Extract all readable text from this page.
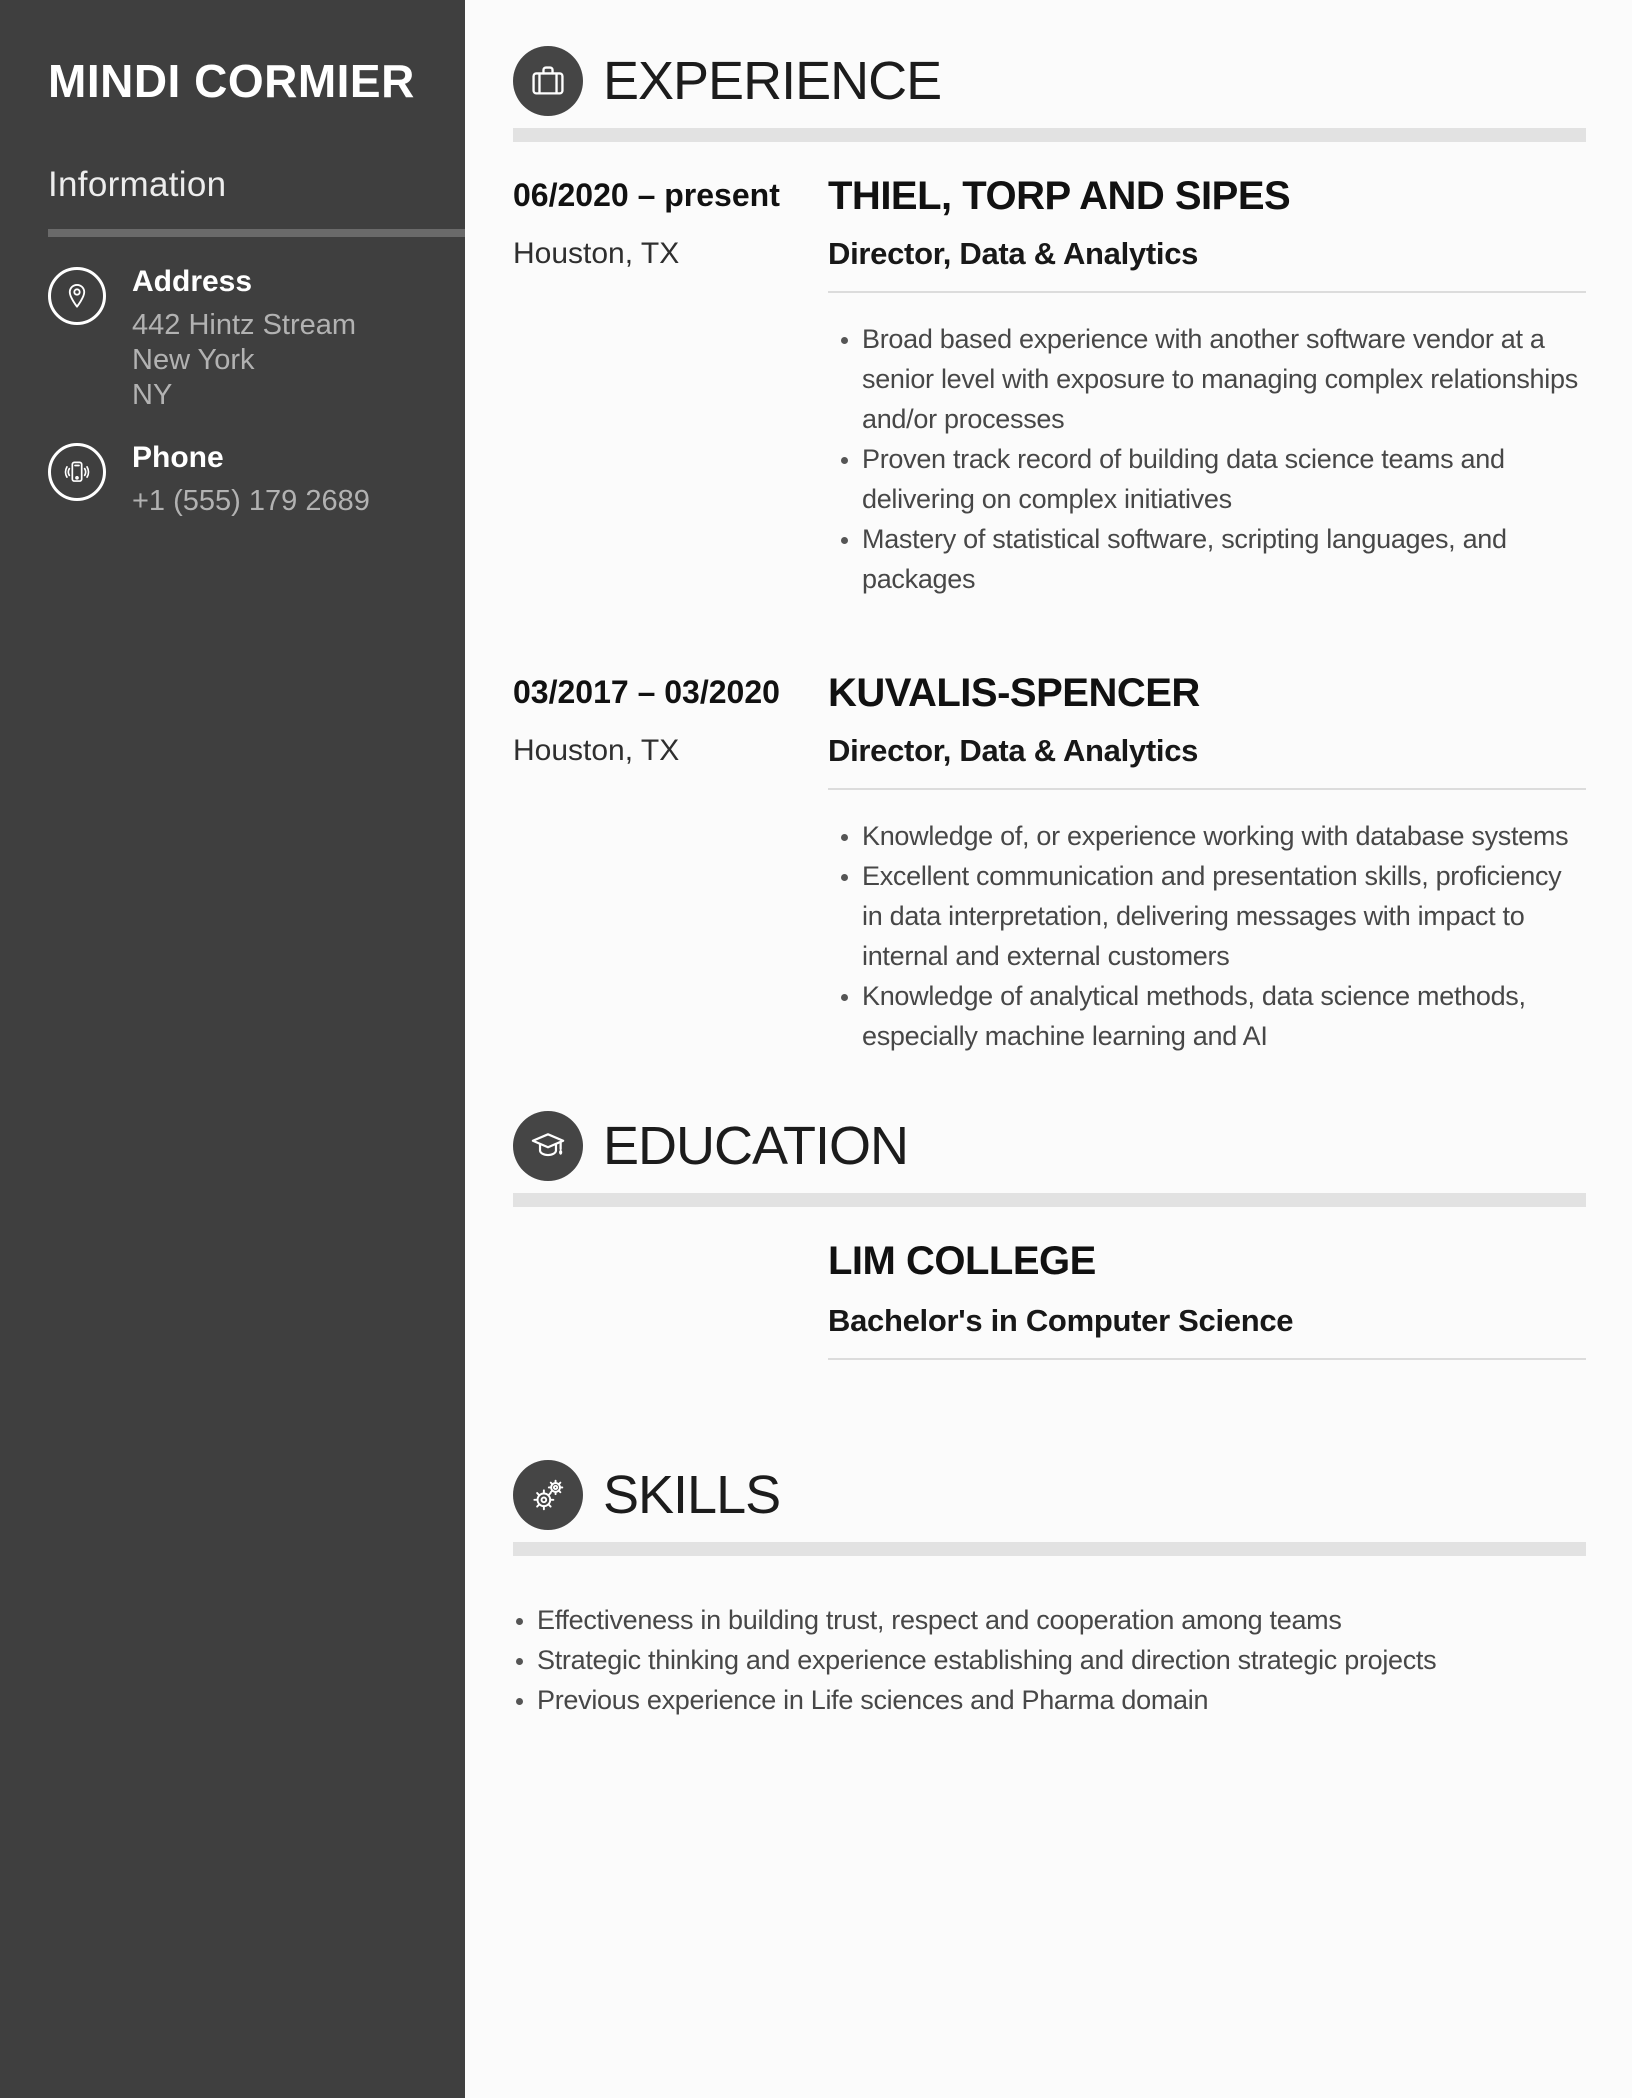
MINDI CORMIER
Information
Address
442 Hintz Stream
New York
NY
Phone
+1 (555) 179 2689
EXPERIENCE
06/2020 – present
Houston, TX
THIEL, TORP AND SIPES
Director, Data & Analytics
• Broad based experience with another software vendor at a senior level with exposure to managing complex relationships and/or processes
• Proven track record of building data science teams and delivering on complex initiatives
• Mastery of statistical software, scripting languages, and packages
03/2017 – 03/2020
Houston, TX
KUVALIS-SPENCER
Director, Data & Analytics
• Knowledge of, or experience working with database systems
• Excellent communication and presentation skills, proficiency in data interpretation, delivering messages with impact to internal and external customers
• Knowledge of analytical methods, data science methods, especially machine learning and AI
EDUCATION
LIM COLLEGE
Bachelor's in Computer Science
SKILLS
• Effectiveness in building trust, respect and cooperation among teams
• Strategic thinking and experience establishing and direction strategic projects
• Previous experience in Life sciences and Pharma domain
